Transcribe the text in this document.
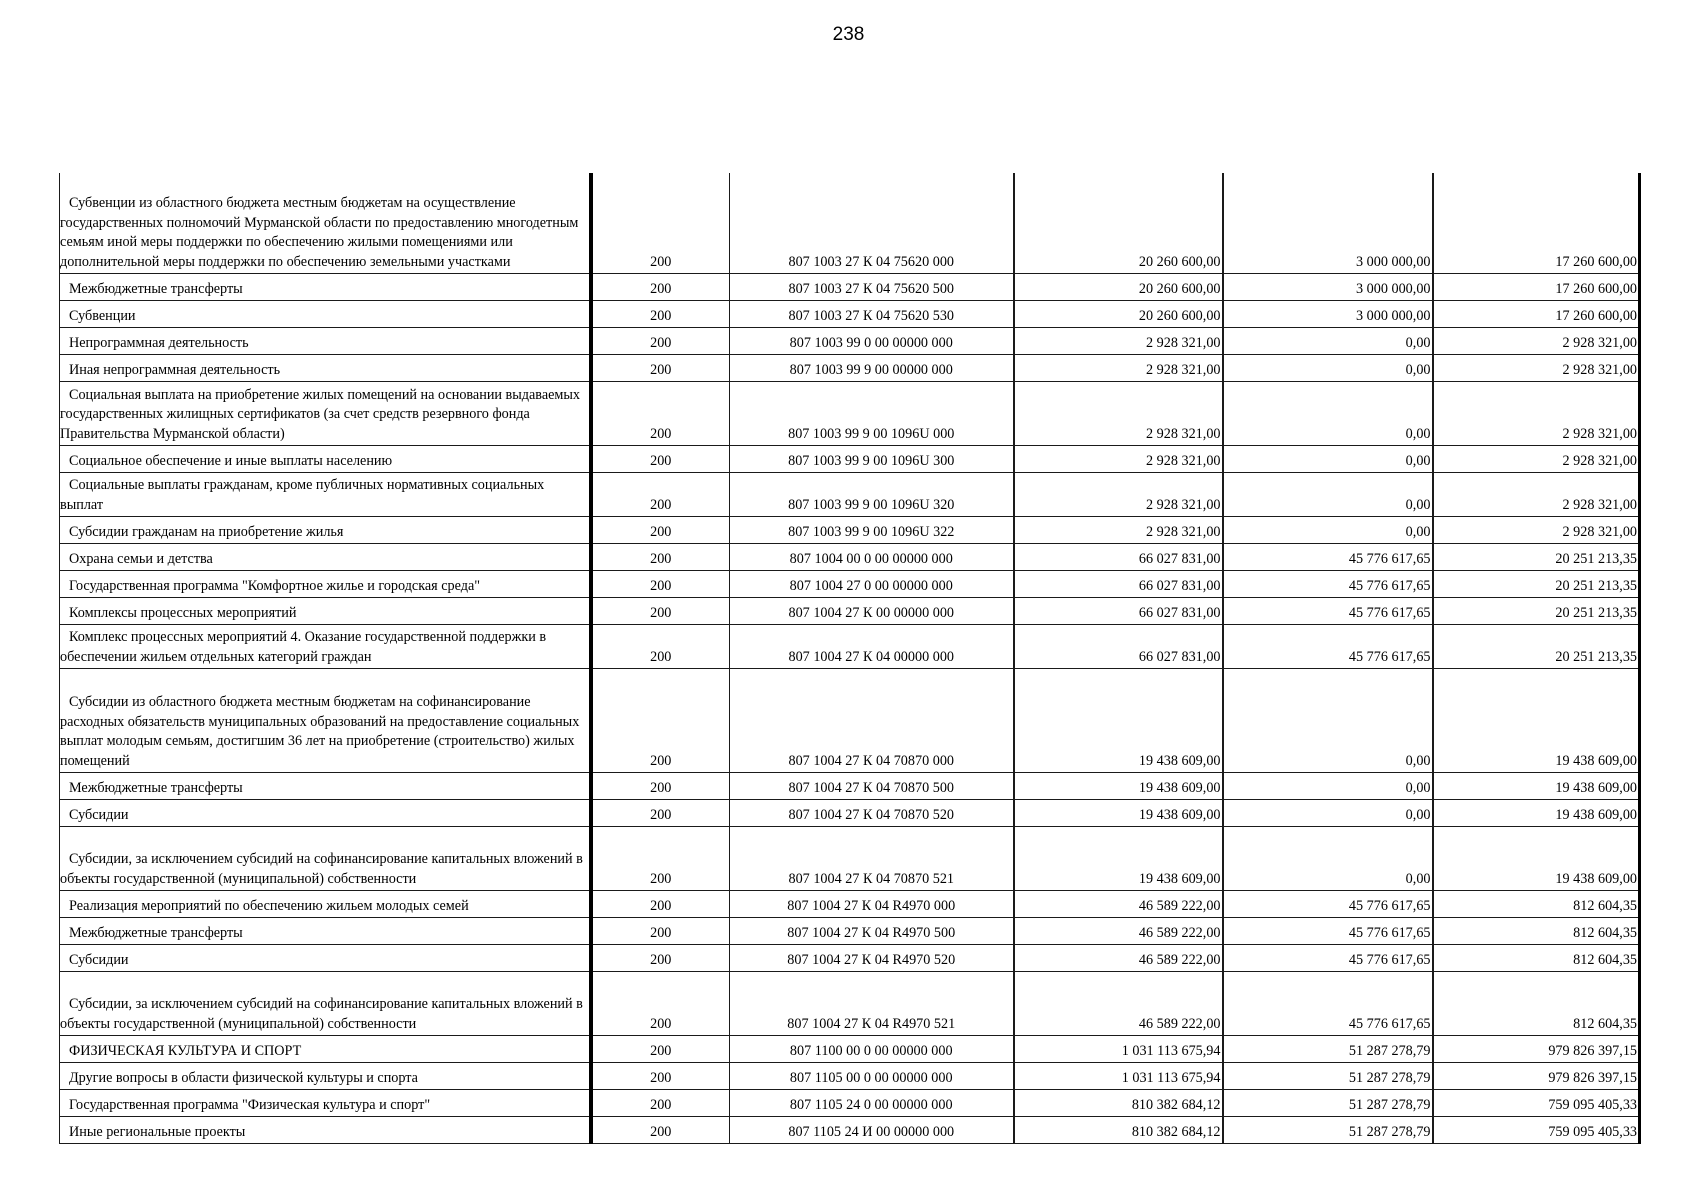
238
Субвенции из областного бюджета местным бюджетам на осуществление государственных полномочий Мурманской области по предоставлению многодетным семьям иной меры поддержки по обеспечению жилыми помещениями или дополнительной меры поддержки по обеспечению земельными участками	200	807 1003 27 К 04 75620 000	20 260 600,00	3 000 000,00	17 260 600,00
Межбюджетные трансферты	200	807 1003 27 К 04 75620 500	20 260 600,00	3 000 000,00	17 260 600,00
Субвенции	200	807 1003 27 К 04 75620 530	20 260 600,00	3 000 000,00	17 260 600,00
Непрограммная деятельность	200	807 1003 99 0 00 00000 000	2 928 321,00	0,00	2 928 321,00
Иная непрограммная деятельность	200	807 1003 99 9 00 00000 000	2 928 321,00	0,00	2 928 321,00
Социальная выплата на приобретение жилых помещений на основании выдаваемых государственных жилищных сертификатов (за счет средств резервного фонда Правительства Мурманской области)	200	807 1003 99 9 00 1096U 000	2 928 321,00	0,00	2 928 321,00
Социальное обеспечение и иные выплаты населению	200	807 1003 99 9 00 1096U 300	2 928 321,00	0,00	2 928 321,00
Социальные выплаты гражданам, кроме публичных нормативных социальных выплат	200	807 1003 99 9 00 1096U 320	2 928 321,00	0,00	2 928 321,00
Субсидии гражданам на приобретение жилья	200	807 1003 99 9 00 1096U 322	2 928 321,00	0,00	2 928 321,00
Охрана семьи и детства	200	807 1004 00 0 00 00000 000	66 027 831,00	45 776 617,65	20 251 213,35
Государственная программа "Комфортное жилье и городская среда"	200	807 1004 27 0 00 00000 000	66 027 831,00	45 776 617,65	20 251 213,35
Комплексы процессных мероприятий	200	807 1004 27 К 00 00000 000	66 027 831,00	45 776 617,65	20 251 213,35
Комплекс процессных мероприятий 4. Оказание государственной поддержки в обеспечении жильем отдельных категорий граждан	200	807 1004 27 К 04 00000 000	66 027 831,00	45 776 617,65	20 251 213,35
Субсидии из областного бюджета местным бюджетам на софинансирование расходных обязательств муниципальных образований на предоставление социальных выплат молодым семьям, достигшим 36 лет на приобретение (строительство) жилых помещений	200	807 1004 27 К 04 70870 000	19 438 609,00	0,00	19 438 609,00
Межбюджетные трансферты	200	807 1004 27 К 04 70870 500	19 438 609,00	0,00	19 438 609,00
Субсидии	200	807 1004 27 К 04 70870 520	19 438 609,00	0,00	19 438 609,00
Субсидии, за исключением субсидий на софинансирование капитальных вложений в объекты государственной (муниципальной) собственности	200	807 1004 27 К 04 70870 521	19 438 609,00	0,00	19 438 609,00
Реализация мероприятий по обеспечению жильем молодых семей	200	807 1004 27 К 04 R4970 000	46 589 222,00	45 776 617,65	812 604,35
Межбюджетные трансферты	200	807 1004 27 К 04 R4970 500	46 589 222,00	45 776 617,65	812 604,35
Субсидии	200	807 1004 27 К 04 R4970 520	46 589 222,00	45 776 617,65	812 604,35
Субсидии, за исключением субсидий на софинансирование капитальных вложений в объекты государственной (муниципальной) собственности	200	807 1004 27 К 04 R4970 521	46 589 222,00	45 776 617,65	812 604,35
ФИЗИЧЕСКАЯ КУЛЬТУРА И СПОРТ	200	807 1100 00 0 00 00000 000	1 031 113 675,94	51 287 278,79	979 826 397,15
Другие вопросы в области физической культуры и спорта	200	807 1105 00 0 00 00000 000	1 031 113 675,94	51 287 278,79	979 826 397,15
Государственная программа "Физическая культура и спорт"	200	807 1105 24 0 00 00000 000	810 382 684,12	51 287 278,79	759 095 405,33
Иные региональные проекты	200	807 1105 24 И 00 00000 000	810 382 684,12	51 287 278,79	759 095 405,33
